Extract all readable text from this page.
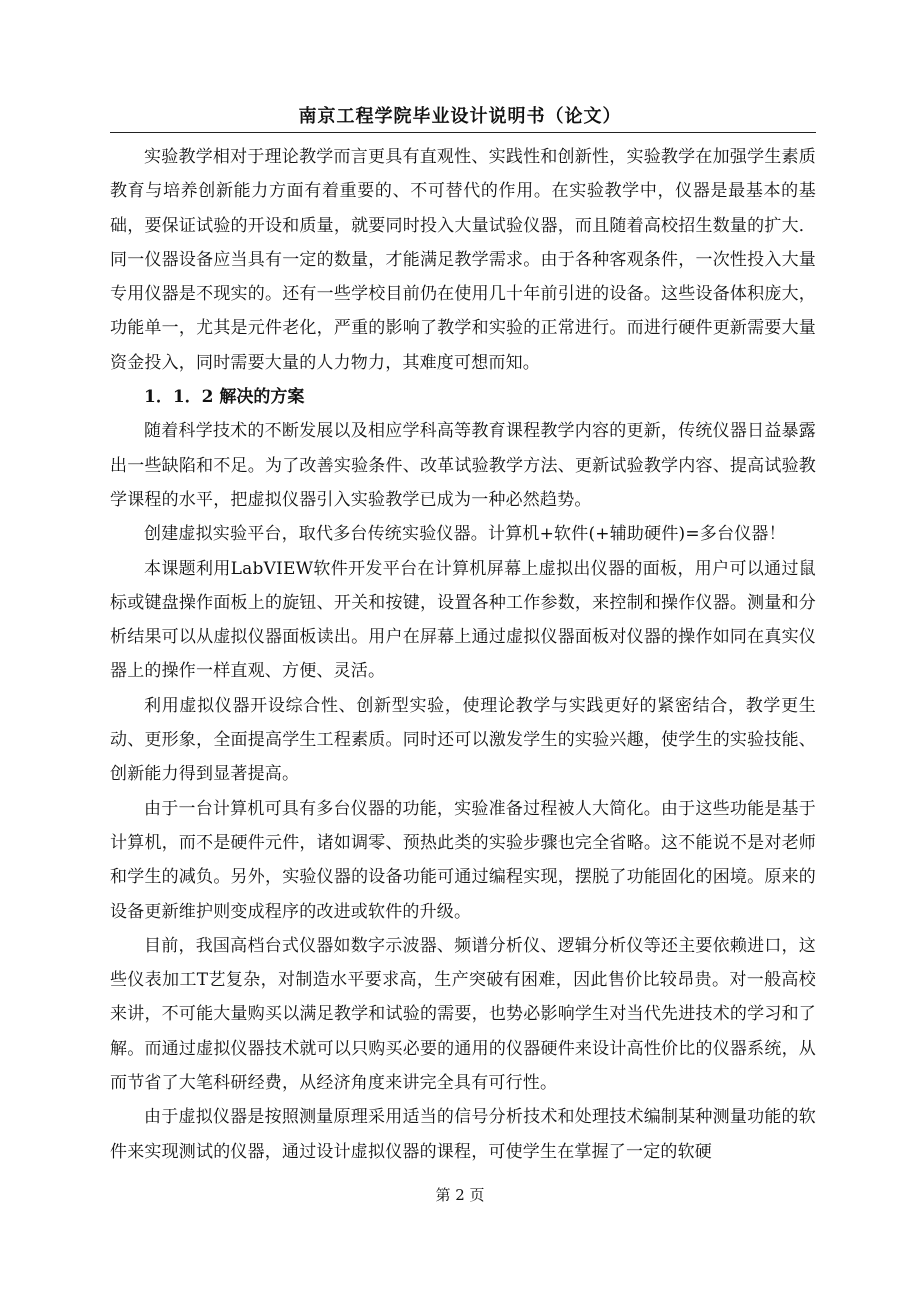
南京工程学院毕业设计说明书（论文）

实验教学相对于理论教学而言更具有直观性、实践性和创新性，实验教学在加强学生素质教育与培养创新能力方面有着重要的、不可替代的作用。在实验教学中，仪器是最基本的基础，要保证试验的开设和质量，就要同时投入大量试验仪器，而且随着高校招生数量的扩大．同一仪器设备应当具有一定的数量，才能满足教学需求。由于各种客观条件，一次性投入大量专用仪器是不现实的。还有一些学校目前仍在使用几十年前引进的设备。这些设备体积庞大，功能单一，尤其是元件老化，严重的影响了教学和实验的正常进行。而进行硬件更新需要大量资金投入，同时需要大量的人力物力，其难度可想而知。

1．1．2 解决的方案

随着科学技术的不断发展以及相应学科高等教育课程教学内容的更新，传统仪器日益暴露出一些缺陷和不足。为了改善实验条件、改革试验教学方法、更新试验教学内容、提高试验教学课程的水平，把虚拟仪器引入实验教学已成为一种必然趋势。

创建虚拟实验平台，取代多台传统实验仪器。计算机+软件(+辅助硬件)=多台仪器！

本课题利用LabVIEW软件开发平台在计算机屏幕上虚拟出仪器的面板，用户可以通过鼠标或键盘操作面板上的旋钮、开关和按键，设置各种工作参数，来控制和操作仪器。测量和分析结果可以从虚拟仪器面板读出。用户在屏幕上通过虚拟仪器面板对仪器的操作如同在真实仪器上的操作一样直观、方便、灵活。

利用虚拟仪器开设综合性、创新型实验，使理论教学与实践更好的紧密结合，教学更生动、更形象，全面提高学生工程素质。同时还可以激发学生的实验兴趣，使学生的实验技能、创新能力得到显著提高。

由于一台计算机可具有多台仪器的功能，实验准备过程被人大简化。由于这些功能是基于计算机，而不是硬件元件，诸如调零、预热此类的实验步骤也完全省略。这不能说不是对老师和学生的减负。另外，实验仪器的设备功能可通过编程实现，摆脱了功能固化的困境。原来的设备更新维护则变成程序的改进或软件的升级。

目前，我国高档台式仪器如数字示波器、频谱分析仪、逻辑分析仪等还主要依赖进口，这些仪表加工T艺复杂，对制造水平要求高，生产突破有困难，因此售价比较昂贵。对一般高校来讲，不可能大量购买以满足教学和试验的需要，也势必影响学生对当代先进技术的学习和了解。而通过虚拟仪器技术就可以只购买必要的通用的仪器硬件来设计高性价比的仪器系统，从而节省了大笔科研经费，从经济角度来讲完全具有可行性。

由于虚拟仪器是按照测量原理采用适当的信号分析技术和处理技术编制某种测量功能的软件来实现测试的仪器，通过设计虚拟仪器的课程，可使学生在掌握了一定的软硬

第 2 页
